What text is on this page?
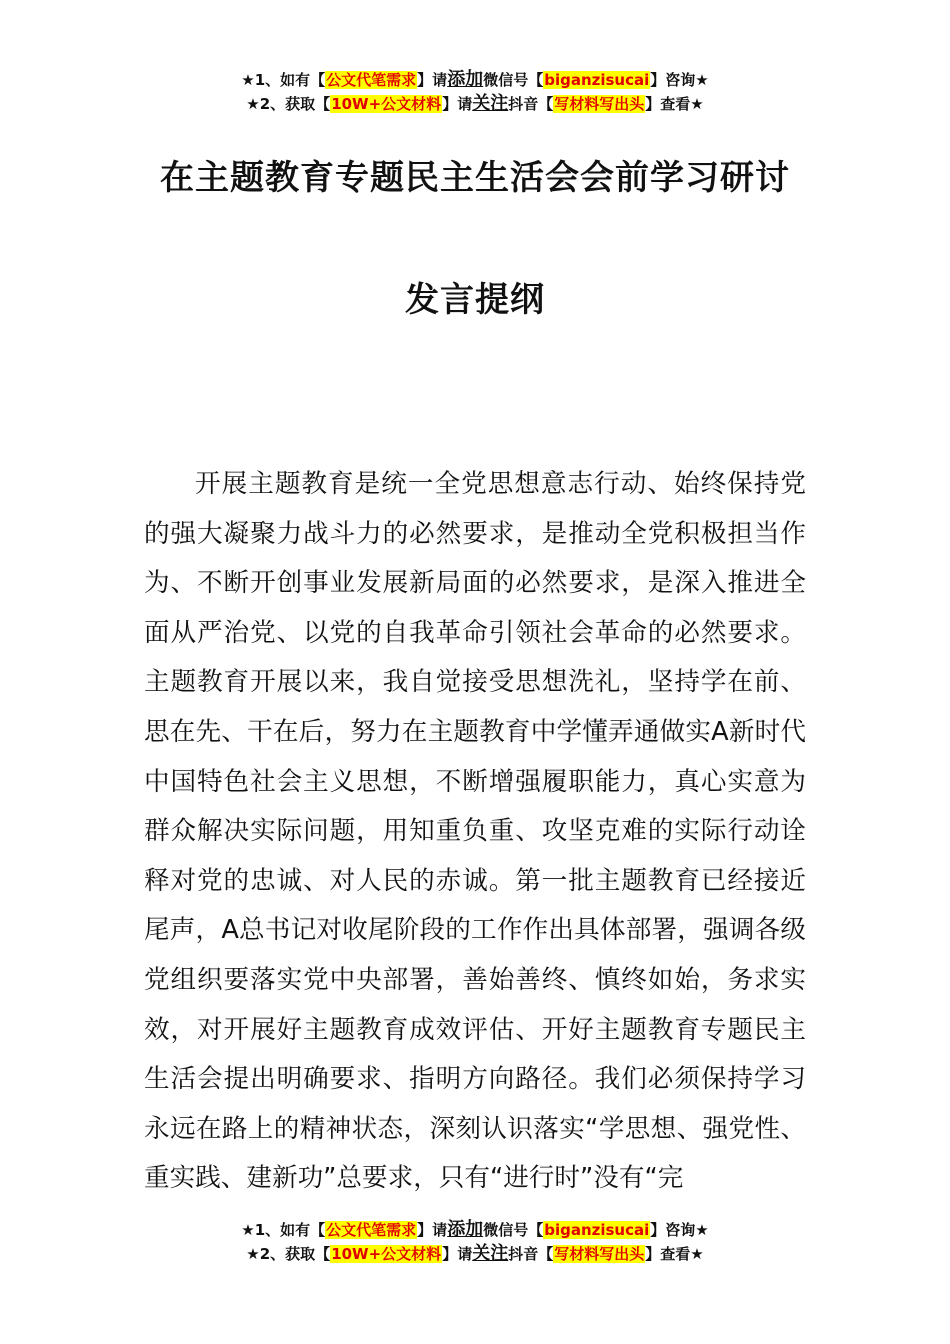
★1、如有【公文代笔需求】请添加微信号【biganzisucai】咨询★
★2、获取【10W+公文材料】请关注抖音【写材料写出头】查看★
在主题教育专题民主生活会会前学习研讨
发言提纲

开展主题教育是统一全党思想意志行动、始终保持党的强大凝聚力战斗力的必然要求，是推动全党积极担当作为、不断开创事业发展新局面的必然要求，是深入推进全面从严治党、以党的自我革命引领社会革命的必然要求。主题教育开展以来，我自觉接受思想洗礼，坚持学在前、思在先、干在后，努力在主题教育中学懂弄通做实A新时代中国特色社会主义思想，不断增强履职能力，真心实意为群众解决实际问题，用知重负重、攻坚克难的实际行动诠释对党的忠诚、对人民的赤诚。第一批主题教育已经接近尾声，A总书记对收尾阶段的工作作出具体部署，强调各级党组织要落实党中央部署，善始善终、慎终如始，务求实效，对开展好主题教育成效评估、开好主题教育专题民主生活会提出明确要求、指明方向路径。我们必须保持学习永远在路上的精神状态，深刻认识落实“学思想、强党性、重实践、建新功”总要求，只有“进行时”没有“完

★1、如有【公文代笔需求】请添加微信号【biganzisucai】咨询★
★2、获取【10W+公文材料】请关注抖音【写材料写出头】查看★
